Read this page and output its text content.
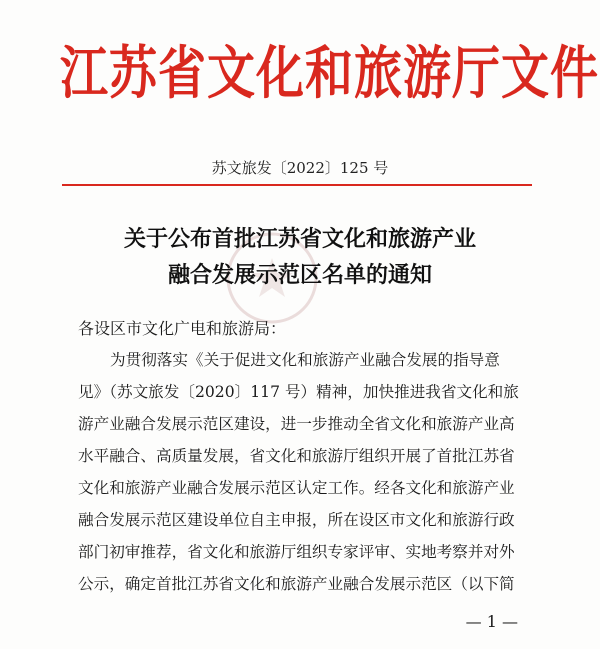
江苏省文化和旅游厅文件
苏文旅发〔2022〕125 号
关于公布首批江苏省文化和旅游产业
融合发展示范区名单的通知
各设区市文化广电和旅游局：
为贯彻落实《关于促进文化和旅游产业融合发展的指导意
见》（苏文旅发〔2020〕117 号）精神，加快推进我省文化和旅
游产业融合发展示范区建设，进一步推动全省文化和旅游产业高
水平融合、高质量发展，省文化和旅游厅组织开展了首批江苏省
文化和旅游产业融合发展示范区认定工作。经各文化和旅游产业
融合发展示范区建设单位自主申报，所在设区市文化和旅游行政
部门初审推荐，省文化和旅游厅组织专家评审、实地考察并对外
公示，确定首批江苏省文化和旅游产业融合发展示范区（以下简
— 1 —
